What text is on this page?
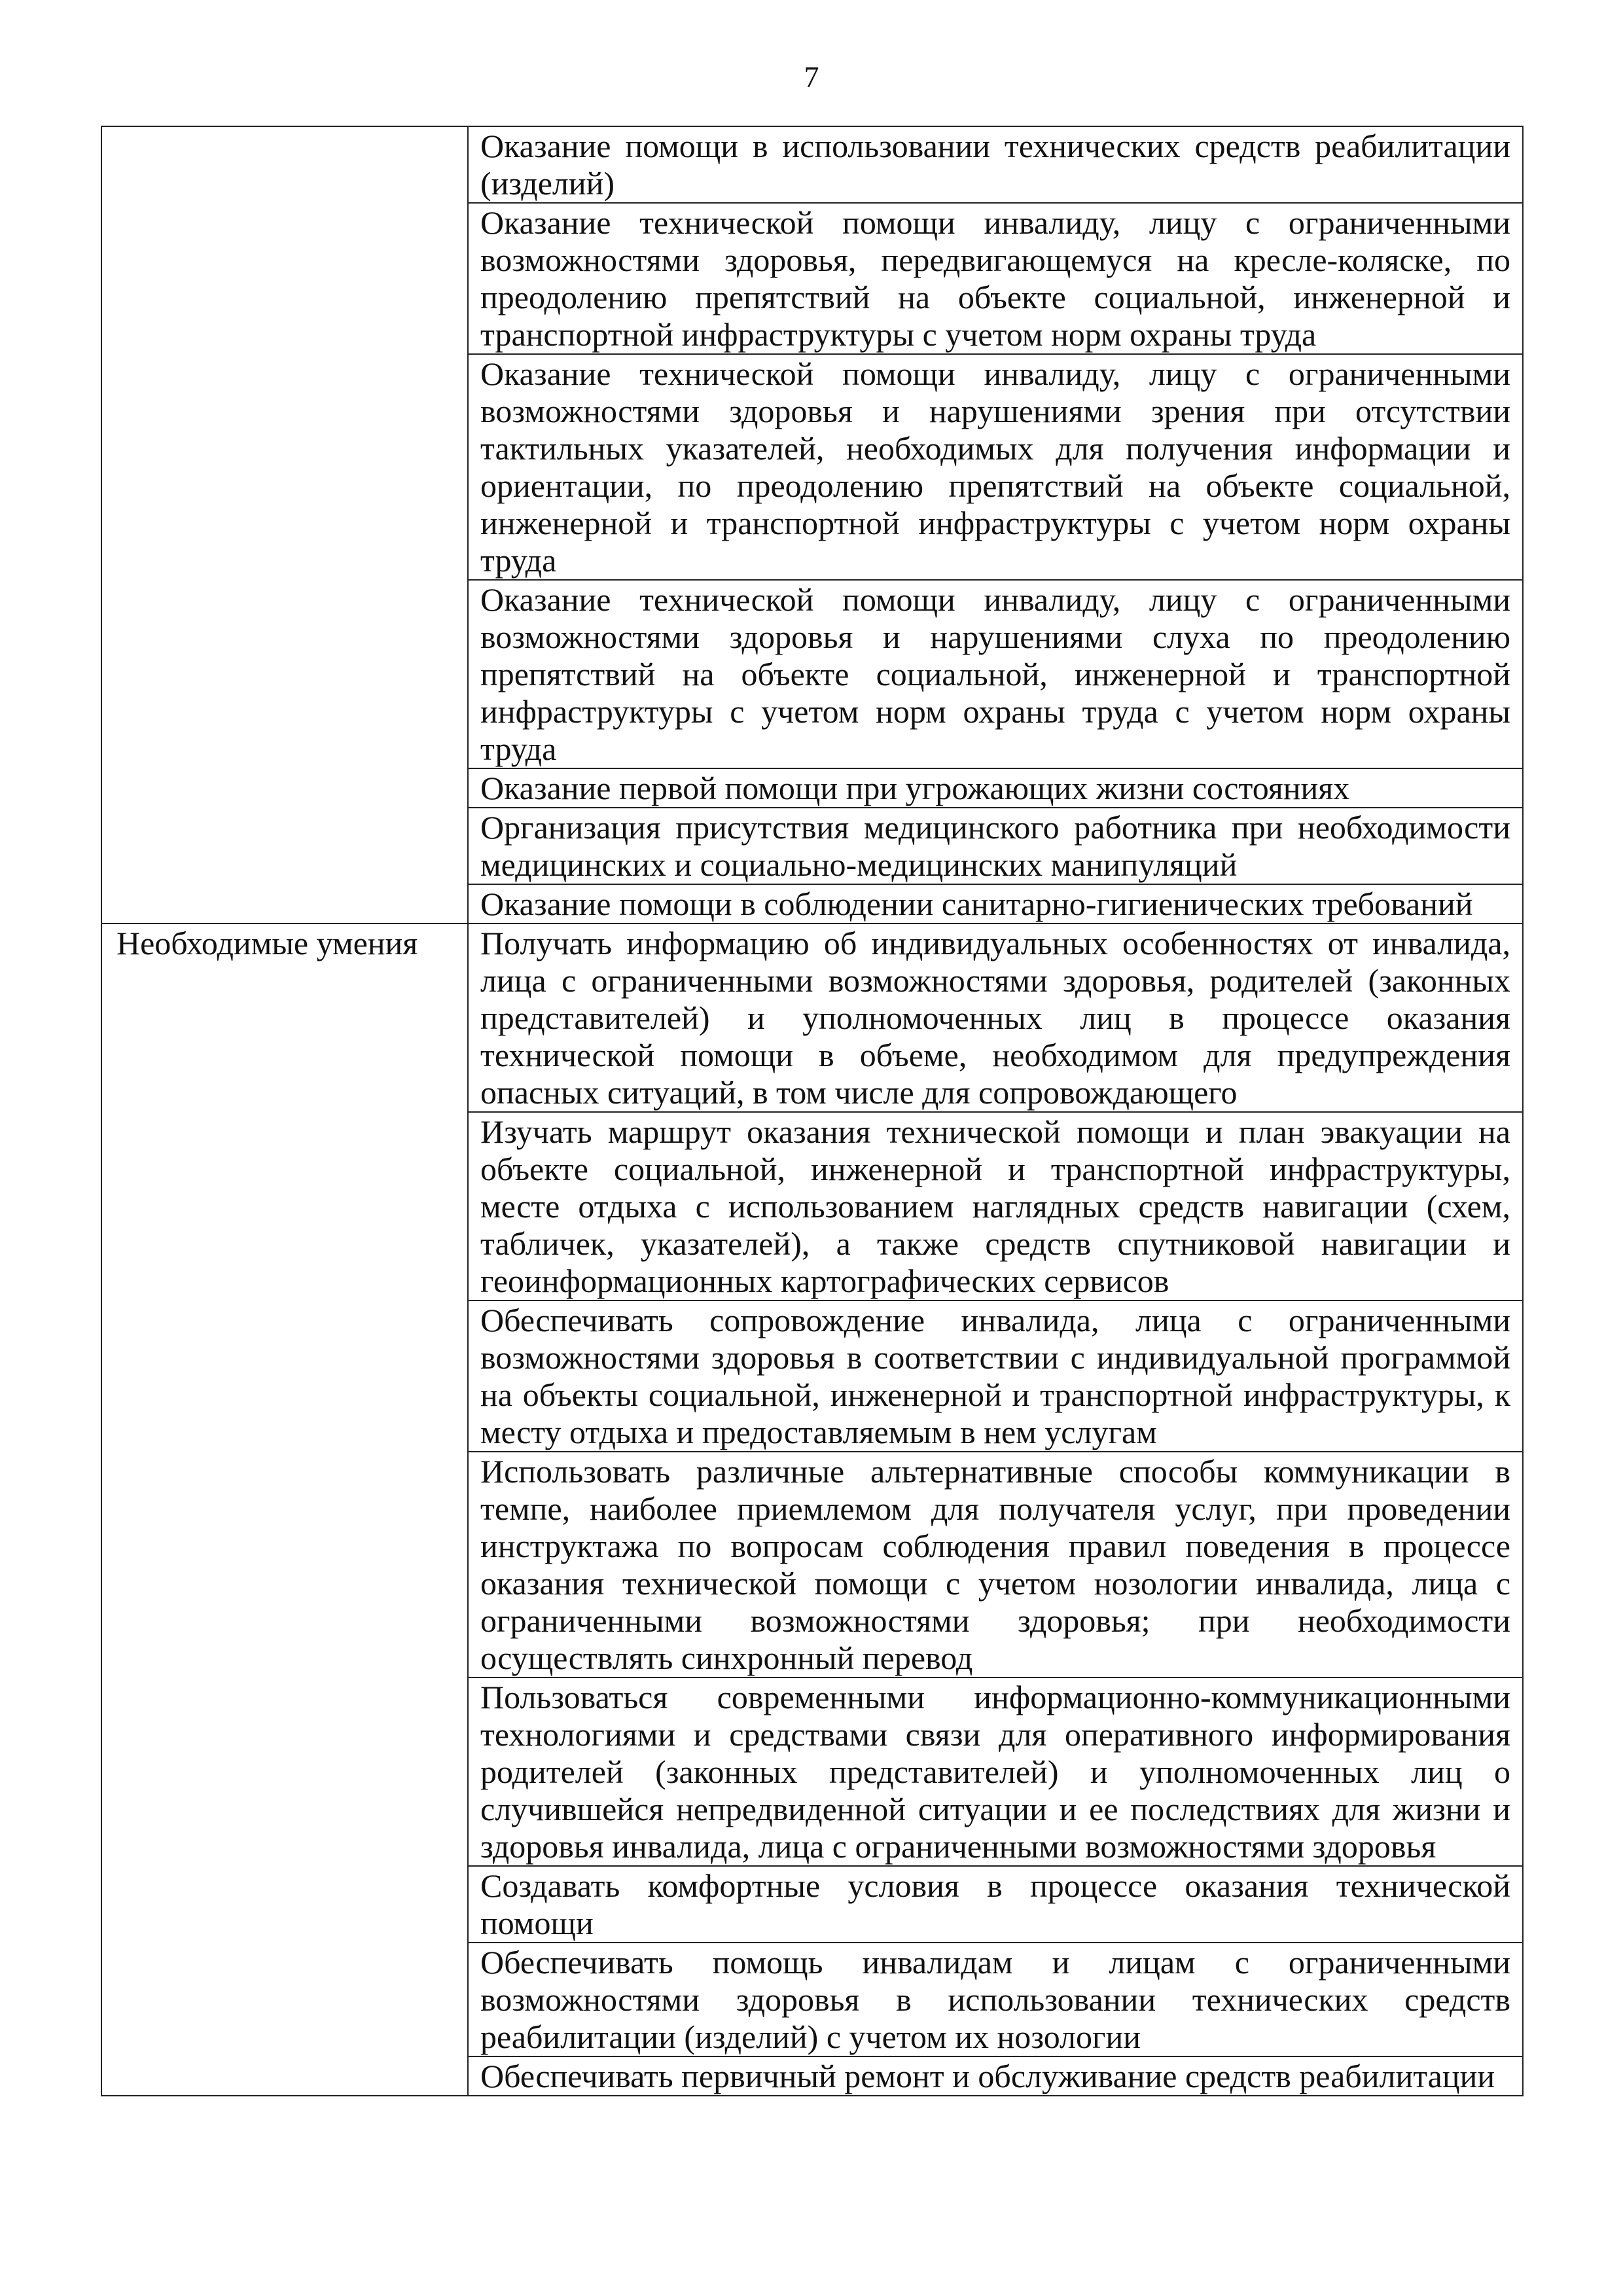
7
	Оказание помощи в использовании технических средств реабилитации (изделий)
	Оказание технической помощи инвалиду, лицу с ограниченными возможностями здоровья, передвигающемуся на кресле-коляске, по преодолению препятствий на объекте социальной, инженерной и транспортной инфраструктуры с учетом норм охраны труда
	Оказание технической помощи инвалиду, лицу с ограниченными возможностями здоровья и нарушениями зрения при отсутствии тактильных указателей, необходимых для получения информации и ориентации, по преодолению препятствий на объекте социальной, инженерной и транспортной инфраструктуры с учетом норм охраны труда
	Оказание технической помощи инвалиду, лицу с ограниченными возможностями здоровья и нарушениями слуха по преодолению препятствий на объекте социальной, инженерной и транспортной инфраструктуры с учетом норм охраны труда с учетом норм охраны труда
	Оказание первой помощи при угрожающих жизни состояниях
	Организация присутствия медицинского работника при необходимости медицинских и социально-медицинских манипуляций
	Оказание помощи в соблюдении санитарно-гигиенических требований
Необходимые умения	Получать информацию об индивидуальных особенностях от инвалида, лица с ограниченными возможностями здоровья, родителей (законных представителей) и уполномоченных лиц в процессе оказания технической помощи в объеме, необходимом для предупреждения опасных ситуаций, в том числе для сопровождающего
	Изучать маршрут оказания технической помощи и план эвакуации на объекте социальной, инженерной и транспортной инфраструктуры, месте отдыха с использованием наглядных средств навигации (схем, табличек, указателей), а также средств спутниковой навигации и геоинформационных картографических сервисов
	Обеспечивать сопровождение инвалида, лица с ограниченными возможностями здоровья в соответствии с индивидуальной программой на объекты социальной, инженерной и транспортной инфраструктуры, к месту отдыха и предоставляемым в нем услугам
	Использовать различные альтернативные способы коммуникации в темпе, наиболее приемлемом для получателя услуг, при проведении инструктажа по вопросам соблюдения правил поведения в процессе оказания технической помощи с учетом нозологии инвалида, лица с ограниченными возможностями здоровья; при необходимости осуществлять синхронный перевод
	Пользоваться современными информационно-коммуникационными технологиями и средствами связи для оперативного информирования родителей (законных представителей) и уполномоченных лиц о случившейся непредвиденной ситуации и ее последствиях для жизни и здоровья инвалида, лица с ограниченными возможностями здоровья
	Создавать комфортные условия в процессе оказания технической помощи
	Обеспечивать помощь инвалидам и лицам с ограниченными возможностями здоровья в использовании технических средств реабилитации (изделий) с учетом их нозологии
	Обеспечивать первичный ремонт и обслуживание средств реабилитации
